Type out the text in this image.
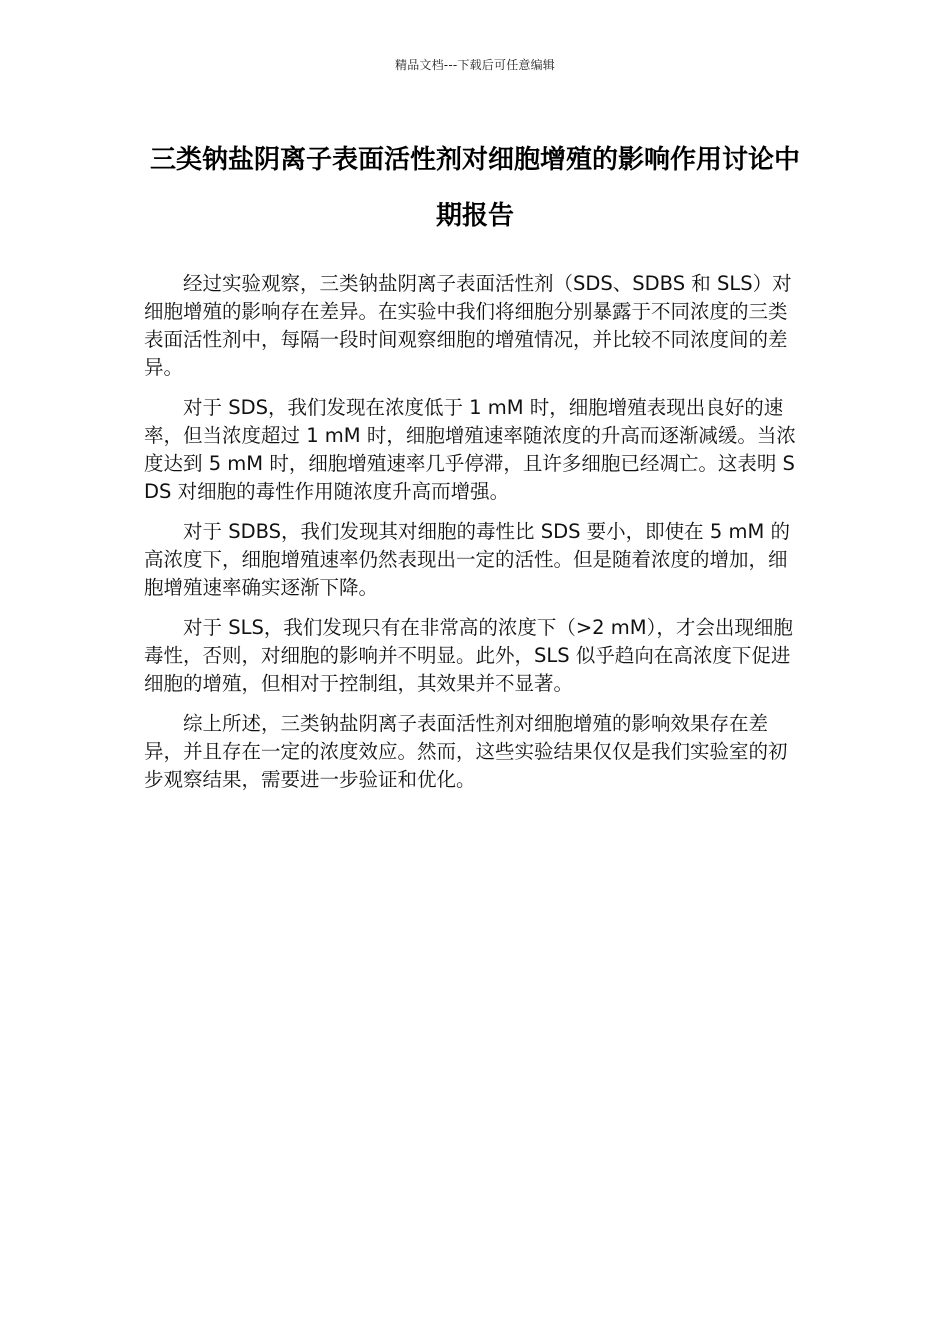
精品文档---下载后可任意编辑
三类钠盐阴离子表面活性剂对细胞增殖的影响作用讨论中期报告

经过实验观察，三类钠盐阴离子表面活性剂（SDS、SDBS 和 SLS）对细胞增殖的影响存在差异。在实验中我们将细胞分别暴露于不同浓度的三类表面活性剂中，每隔一段时间观察细胞的增殖情况，并比较不同浓度间的差异。

对于 SDS，我们发现在浓度低于 1 mM 时，细胞增殖表现出良好的速率，但当浓度超过 1 mM 时，细胞增殖速率随浓度的升高而逐渐减缓。当浓度达到 5 mM 时，细胞增殖速率几乎停滞，且许多细胞已经凋亡。这表明 SDS 对细胞的毒性作用随浓度升高而增强。

对于 SDBS，我们发现其对细胞的毒性比 SDS 要小，即使在 5 mM 的高浓度下，细胞增殖速率仍然表现出一定的活性。但是随着浓度的增加，细胞增殖速率确实逐渐下降。

对于 SLS，我们发现只有在非常高的浓度下（>2 mM），才会出现细胞毒性，否则，对细胞的影响并不明显。此外，SLS 似乎趋向在高浓度下促进细胞的增殖，但相对于控制组，其效果并不显著。

综上所述，三类钠盐阴离子表面活性剂对细胞增殖的影响效果存在差异，并且存在一定的浓度效应。然而，这些实验结果仅仅是我们实验室的初步观察结果，需要进一步验证和优化。
